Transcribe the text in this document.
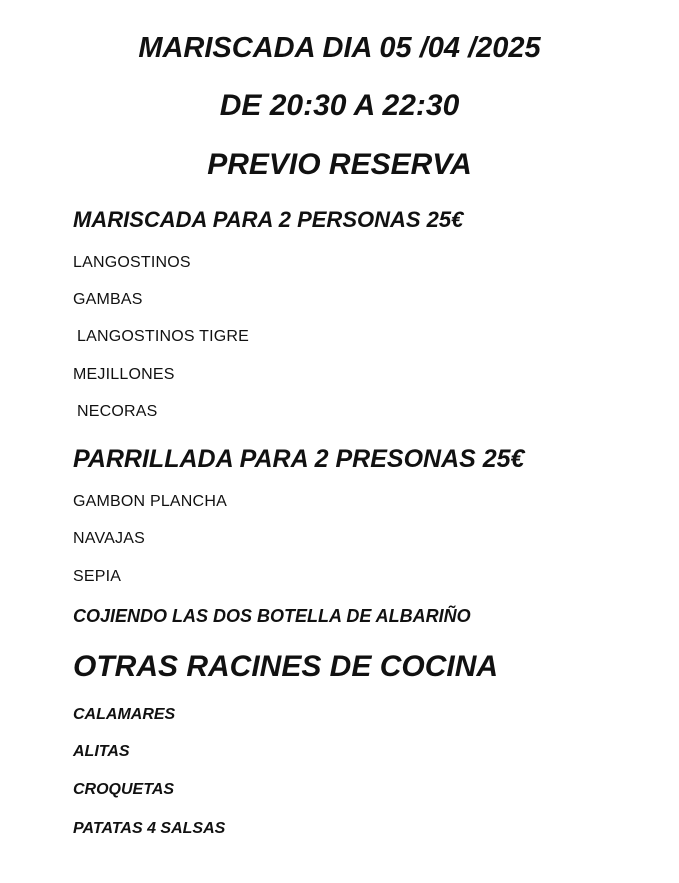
MARISCADA DIA 05 /04 /2025
DE 20:30 A 22:30
PREVIO RESERVA
MARISCADA PARA 2 PERSONAS 25€
LANGOSTINOS
GAMBAS
LANGOSTINOS TIGRE
MEJILLONES
NECORAS
PARRILLADA PARA 2 PRESONAS 25€
GAMBON PLANCHA
NAVAJAS
SEPIA
COJIENDO LAS DOS BOTELLA DE ALBARIÑO
OTRAS RACINES DE COCINA
CALAMARES
ALITAS
CROQUETAS
PATATAS 4 SALSAS
